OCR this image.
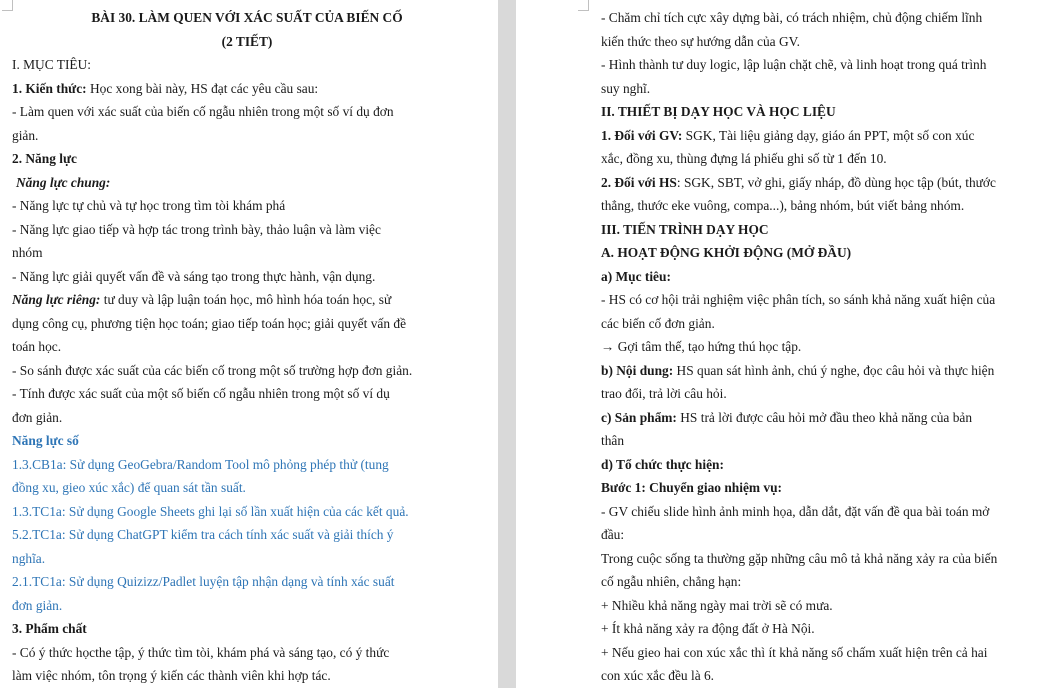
BÀI 30. LÀM QUEN VỚI XÁC SUẤT CỦA BIẾN CỐ
(2 TIẾT)
I. MỤC TIÊU:
1. Kiến thức: Học xong bài này, HS đạt các yêu cầu sau:
- Làm quen với xác suất của biến cố ngẫu nhiên trong một số ví dụ đơn
giản.
2. Năng lực
Năng lực chung:
- Năng lực tự chủ và tự học trong tìm tòi khám phá
- Năng lực giao tiếp và hợp tác trong trình bày, thảo luận và làm việc
nhóm
- Năng lực giải quyết vấn đề và sáng tạo trong thực hành, vận dụng.
Năng lực riêng: tư duy và lập luận toán học, mô hình hóa toán học, sử
dụng công cụ, phương tiện học toán; giao tiếp toán học; giải quyết vấn đề
toán học.
- So sánh được xác suất của các biến cố trong một số trường hợp đơn giản.
- Tính được xác suất của một số biến cố ngẫu nhiên trong một số ví dụ
đơn giản.
Năng lực số
1.3.CB1a: Sử dụng GeoGebra/Random Tool mô phỏng phép thử (tung
đồng xu, gieo xúc xắc) để quan sát tần suất.
1.3.TC1a: Sử dụng Google Sheets ghi lại số lần xuất hiện của các kết quả.
5.2.TC1a: Sử dụng ChatGPT kiểm tra cách tính xác suất và giải thích ý
nghĩa.
2.1.TC1a: Sử dụng Quizizz/Padlet luyện tập nhận dạng và tính xác suất
đơn giản.
3. Phẩm chất
- Có ý thức họcthe tập, ý thức tìm tòi, khám phá và sáng tạo, có ý thức
làm việc nhóm, tôn trọng ý kiến các thành viên khi hợp tác.
- Chăm chỉ tích cực xây dựng bài, có trách nhiệm, chủ động chiếm lĩnh
kiến thức theo sự hướng dẫn của GV.
- Hình thành tư duy logic, lập luận chặt chẽ, và linh hoạt trong quá trình
suy nghĩ.
II. THIẾT BỊ DẠY HỌC VÀ HỌC LIỆU
1. Đối với GV: SGK, Tài liệu giảng dạy, giáo án PPT, một số con xúc
xắc, đồng xu, thùng đựng lá phiếu ghi số từ 1 đến 10.
2. Đối với HS: SGK, SBT, vở ghi, giấy nháp, đồ dùng học tập (bút, thước
thẳng, thước eke vuông, compa...), bảng nhóm, bút viết bảng nhóm.
III. TIẾN TRÌNH DẠY HỌC
A. HOẠT ĐỘNG KHỞI ĐỘNG (MỞ ĐẦU)
a) Mục tiêu:
- HS có cơ hội trải nghiệm việc phân tích, so sánh khả năng xuất hiện của
các biến cố đơn giản.
→ Gợi tâm thế, tạo hứng thú học tập.
b) Nội dung: HS quan sát hình ảnh, chú ý nghe, đọc câu hỏi và thực hiện
trao đổi, trả lời câu hỏi.
c) Sản phẩm: HS trả lời được câu hỏi mở đầu theo khả năng của bản
thân
d) Tổ chức thực hiện:
Bước 1: Chuyển giao nhiệm vụ:
- GV chiếu slide hình ảnh minh họa, dẫn dắt, đặt vấn đề qua bài toán mở
đầu:
Trong cuộc sống ta thường gặp những câu mô tả khả năng xảy ra của biến
cố ngẫu nhiên, chẳng hạn:
+ Nhiều khả năng ngày mai trời sẽ có mưa.
+ Ít khả năng xảy ra động đất ở Hà Nội.
+ Nếu gieo hai con xúc xắc thì ít khả năng số chấm xuất hiện trên cả hai
con xúc xắc đều là 6.
